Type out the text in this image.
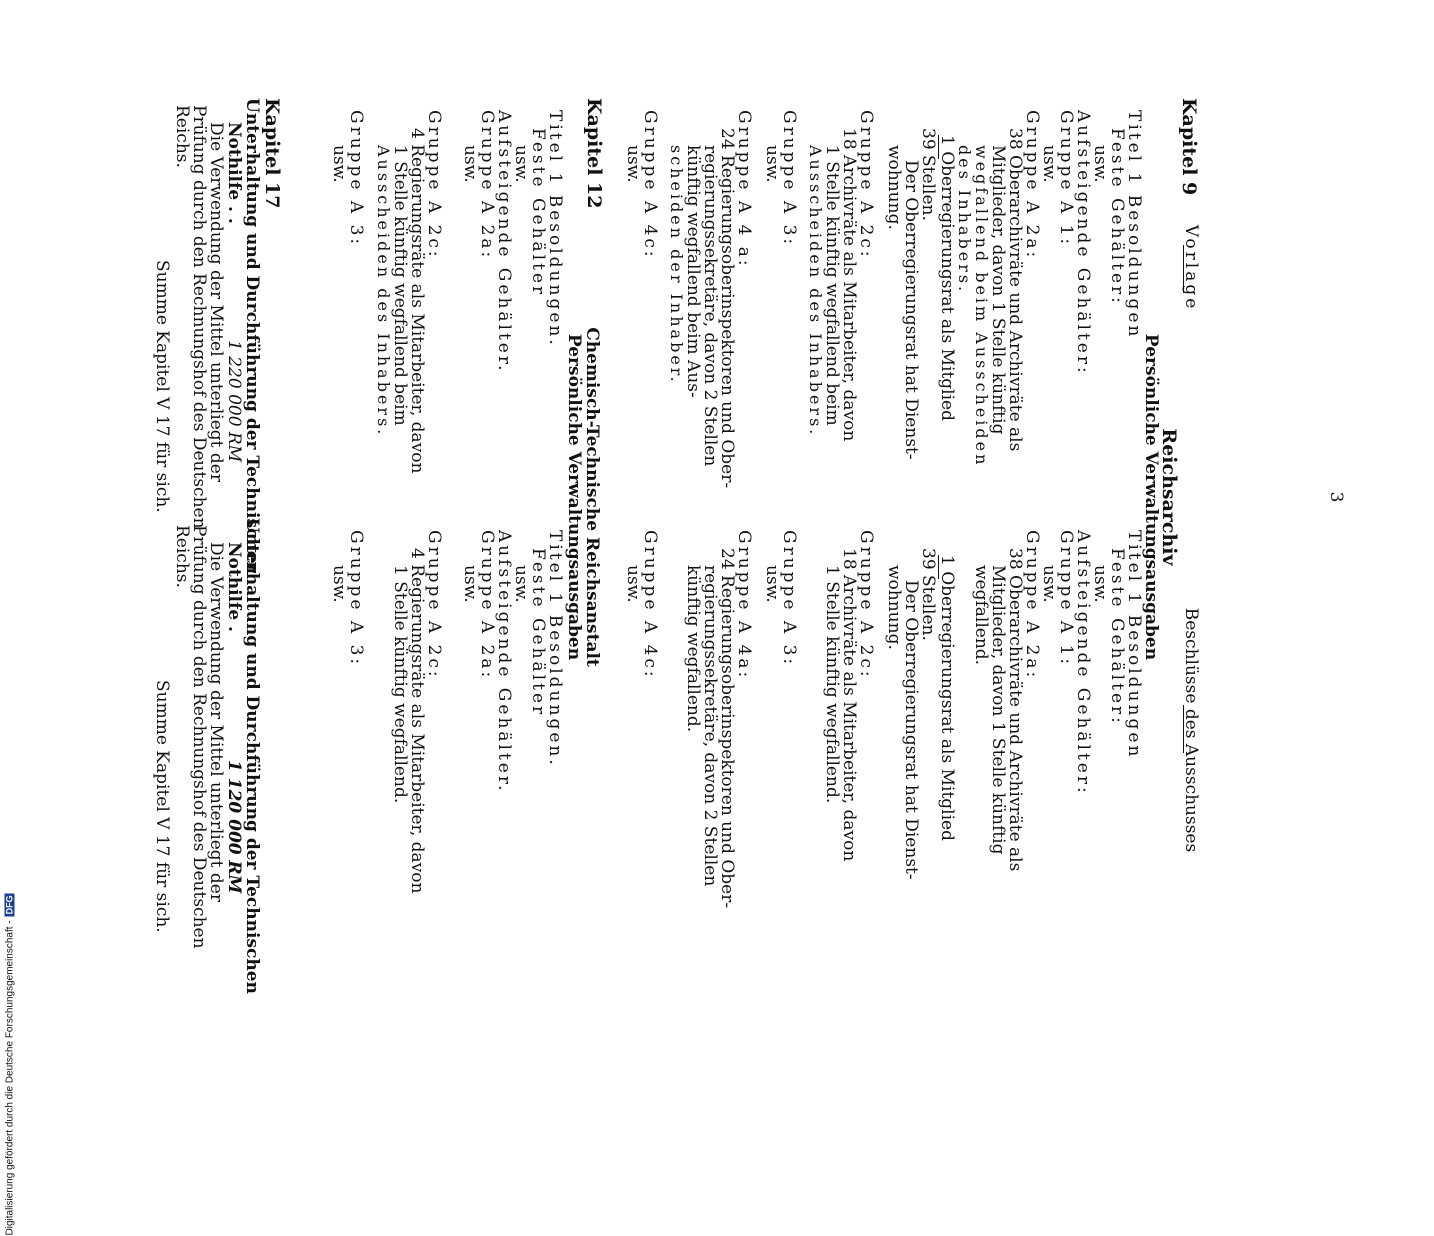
3
Vorlage
Beschlüsse des Ausschusses
Kapitel 9
Reichsarchiv
Persönliche Verwaltungsausgaben
Titel 1 Besoldungen
Feste Gehälter:
usw.
Aufsteigende Gehälter:
Gruppe A 1:
usw.
Gruppe A 2a:
38 Oberarchivräte und Archivräte als
Mitglieder, davon 1 Stelle künftig
wegfallend beim Ausscheiden
des Inhabers.
1 Oberregierungsrat als Mitglied
39 Stellen.
Der Oberregierungsrat hat Dienst-
wohnung.
Gruppe A 2c:
18 Archivräte als Mitarbeiter, davon
1 Stelle künftig wegfallend beim
Ausscheiden des Inhabers.
Gruppe A 3:
usw.
Gruppe A 4 a:
24 Regierungsoberinspektoren und Ober-
regierungssekretäre, davon 2 Stellen
künftig wegfallend beim Aus-
scheiden der Inhaber.
Gruppe A 4c:
usw.
Kapitel 12
Chemisch-Technische Reichsanstalt
Persönliche Verwaltungsausgaben
Titel 1 Besoldungen.
Feste Gehälter
usw.
Aufsteigende Gehälter.
Gruppe A 2a:
usw.
Gruppe A 2c:
4 Regierungsräte als Mitarbeiter, davon
1 Stelle künftig wegfallend beim
Ausscheiden des Inhabers.
Gruppe A 3:
usw.
Kapitel 17
Unterhaltung und Durchführung der Technischen
Nothilfe . .
1 220 000 RM
Die Verwendung der Mittel unterliegt der
Prüfung durch den Rechnungshof des Deutschen
Reichs.
Summe Kapitel V 17 für sich.
Titel 1 Besoldungen
Feste Gehälter:
usw.
Aufsteigende Gehälter:
Gruppe A 1:
usw.
Gruppe A 2a:
38 Oberarchivräte und Archivräte als
Mitglieder, davon 1 Stelle künftig
wegfallend.
1 Oberregierungsrat als Mitglied
39 Stellen.
Der Oberregierungsrat hat Dienst-
wohnung.
Gruppe A 2c:
18 Archivräte als Mitarbeiter, davon
1 Stelle künftig wegfallend.
Gruppe A 3:
usw.
Gruppe A 4a:
24 Regierungsoberinspektoren und Ober-
regierungssekretäre, davon 2 Stellen
künftig wegfallend.
Gruppe A 4c:
usw.
Titel 1 Besoldungen.
Feste Gehälter
usw.
Aufsteigende Gehälter.
Gruppe A 2a:
usw.
Gruppe A 2c:
4 Regierungsräte als Mitarbeiter, davon
1 Stelle künftig wegfallend.
Gruppe A 3:
usw.
Unterhaltung und Durchführung der Technischen
Nothilfe .
1 120 000 RM
Die Verwendung der Mittel unterliegt der
Prüfung durch den Rechnungshof des Deutschen
Reichs.
Summe Kapitel V 17 für sich.
Digitalisierung gefördert durch die Deutsche Forschungsgemeinschaft -DFG
